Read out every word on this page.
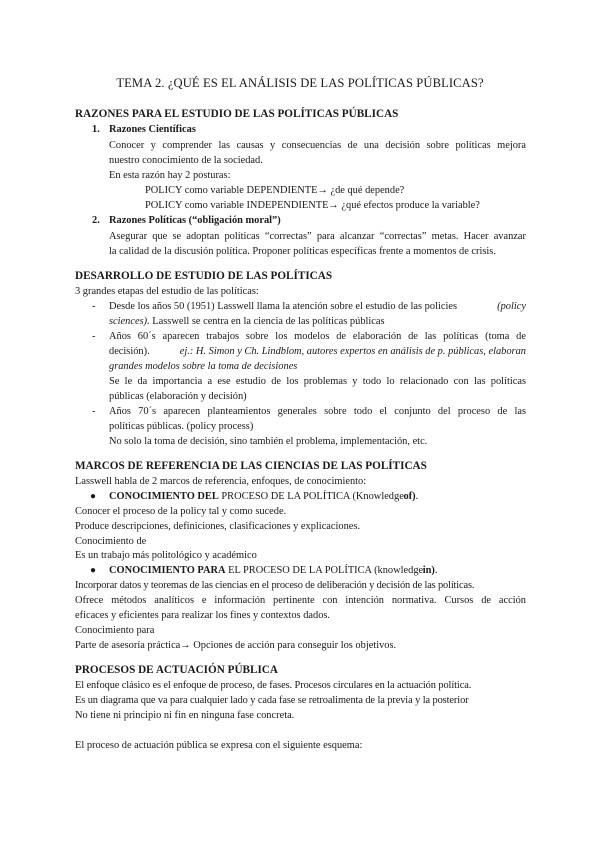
TEMA 2. ¿QUÉ ES EL ANÁLISIS DE LAS POLÍTICAS PÚBLICAS?
RAZONES PARA EL ESTUDIO DE LAS POLÍTICAS PÚBLICAS
1. Razones Científicas
Conocer y comprender las causas y consecuencias de una decisión sobre políticas mejora
nuestro conocimiento de la sociedad.
En esta razón hay 2 posturas:
POLICY como variable DEPENDIENTE→ ¿de qué depende?
POLICY como variable INDEPENDIENTE→ ¿qué efectos produce la variable?
2. Razones Políticas (“obligación moral”)
Asegurar que se adoptan políticas “correctas” para alcanzar “correctas” metas. Hacer avanzar
la calidad de la discusión política. Proponer políticas específicas frente a momentos de crisis.
DESARROLLO DE ESTUDIO DE LAS POLÍTICAS
3 grandes etapas del estudio de las políticas:
- Desde los años 50 (1951) Lasswell llama la atención sobre el estudio de las policies	(policy
sciences). Lasswell se centra en la ciencia de las políticas públicas
- Años 60´s aparecen trabajos sobre los modelos de elaboración de las políticas (toma de
decisión).	ej.: H. Simon y Ch. Lindblom, autores expertos en análisis de p. públicas, elaboran
grandes modelos sobre la toma de decisiones
Se le da importancia a ese estudio de los problemas y todo lo relacionado con las políticas
públicas (elaboración y decisión)
- Años 70´s aparecen planteamientos generales sobre todo el conjunto del proceso de las
políticas públicas. (policy process)
No solo la toma de decisión, sino también el problema, implementación, etc.
MARCOS DE REFERENCIA DE LAS CIENCIAS DE LAS POLÍTICAS
Lasswell habla de 2 marcos de referencia, enfoques, de conocimiento:
● CONOCIMIENTO DEL PROCESO DE LA POLÍTICA (Knowledge of).
Conocer el proceso de la policy tal y como sucede.
Produce descripciones, definiciones, clasificaciones y explicaciones.
Conocimiento de
Es un trabajo más politológico y académico
● CONOCIMIENTO PARA EL PROCESO DE LA POLÍTICA (knowledge in).
Incorporar datos y teoremas de las ciencias en el proceso de deliberación y decisión de las políticas.
Ofrece métodos analíticos e información pertinente con intención normativa. Cursos de acción
eficaces y eficientes para realizar los fines y contextos dados.
Conocimiento para
Parte de asesoría práctica→ Opciones de acción para conseguir los objetivos.
PROCESOS DE ACTUACIÓN PÚBLICA
El enfoque clásico es el enfoque de proceso, de fases. Procesos circulares en la actuación política.
Es un diagrama que va para cualquier lado y cada fase se retroalimenta de la previa y la posterior
No tiene ni principio ni fin en ninguna fase concreta.
El proceso de actuación pública se expresa con el siguiente esquema:
